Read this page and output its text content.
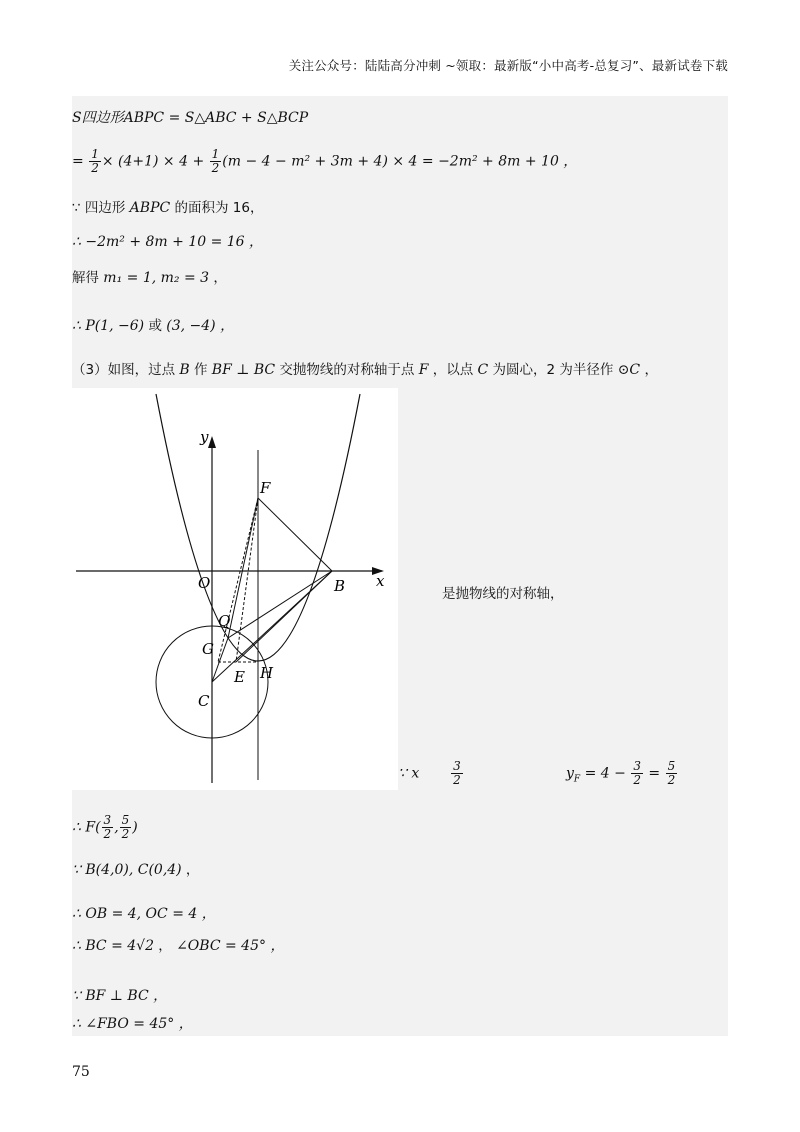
关注公众号：陆陆高分冲刺 ~领取：最新版“小中高考-总复习”、最新试卷下载
S四边形ABPC = S△ABC + S△BCP
= $\frac{1}{2} \times (4+1) \times 4 + \frac{1}{2} (m - 4 - m^2 + 3m + 4) \times 4 = -2m^2 + 8m + 10$ ，
∵ 四边形 ABPC 的面积为 16，
∴ −2m² + 8m + 10 = 16 ，
解得 m₁ = 1, m₂ = 3 ，
∴ P(1, −6) 或 (3, −4) ，
（3）如图，过点 B 作 BF ⊥ BC 交抛物线的对称轴于点 F ，以点 C 为圆心，2 为半径作 ⊙C ，
y
x
O	B
F
Q
G
E H
C
是抛物线的对称轴，
∵ x	$\frac{3}{2}$	$y_F = 4 - \frac{3}{2} = \frac{5}{2}$
∴ $F( \frac{3}{2}$ , $\frac{5}{2}$ )
∵ B(4,0), C(0,4) ，
∴ OB = 4, OC = 4 ，
∴ BC = 4√2 ， ∠OBC = 45° ，
∵ BF ⊥ BC ，
∴ ∠FBO = 45° ，
75
